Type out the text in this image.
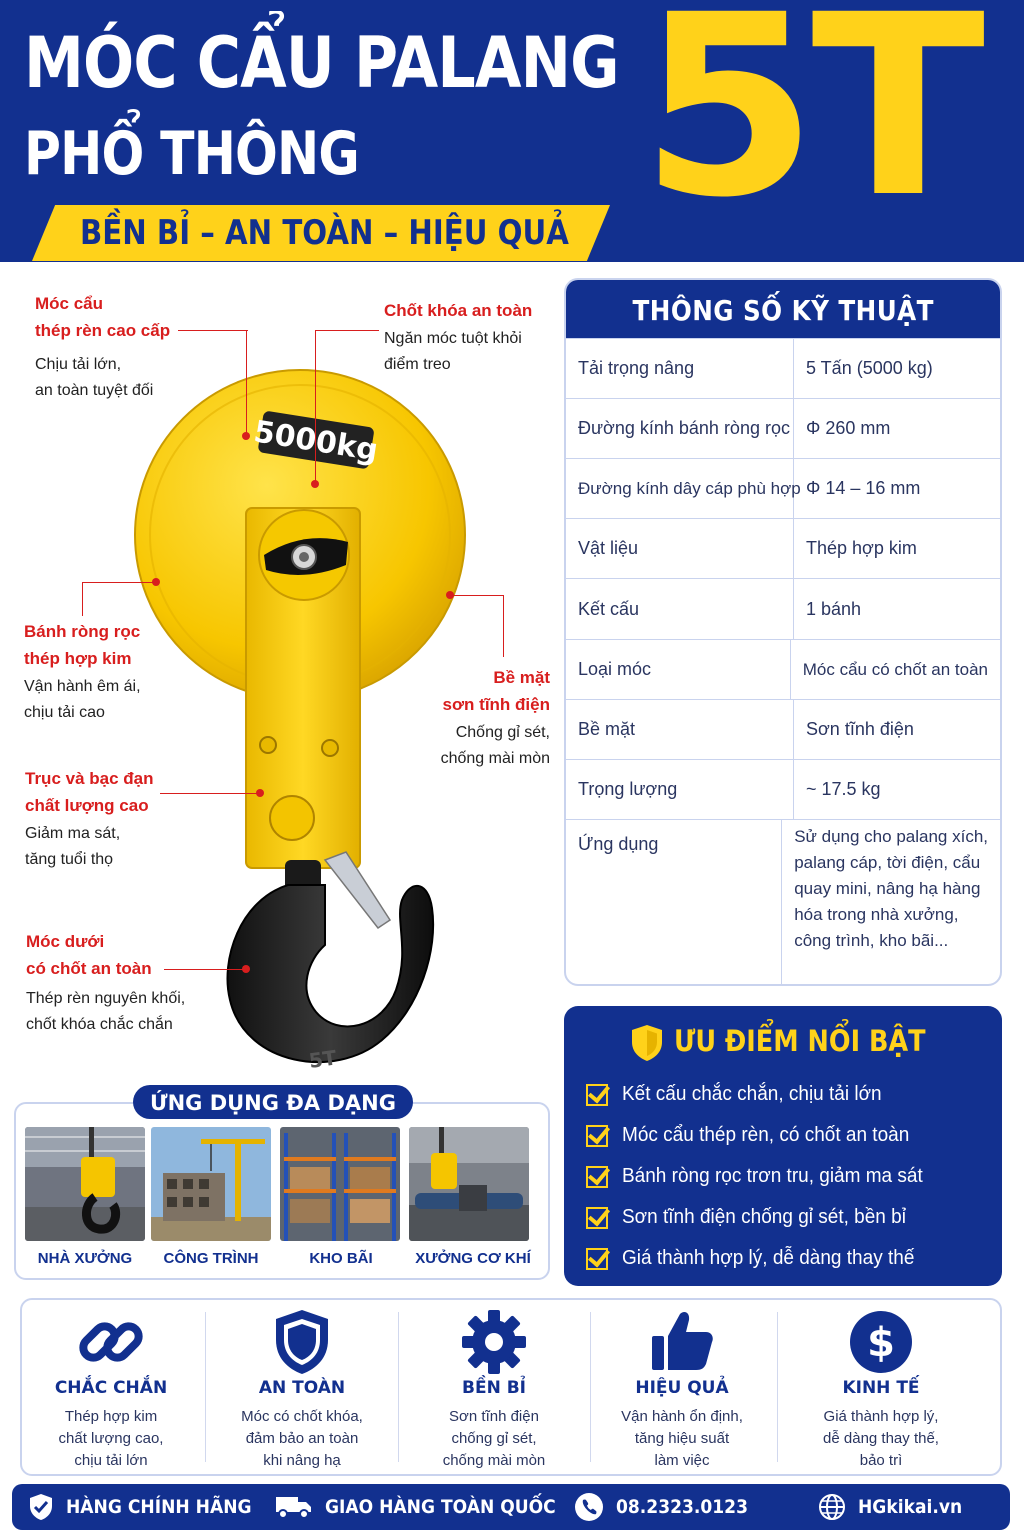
MÓC CẨU PALANG
PHỔ THÔNG 5T
BỀN BỈ – AN TOÀN – HIỆU QUẢ
5000kg
5T
Móc cẩu
thép rèn cao cấp
Chịu tải lớn,
an toàn tuyệt đối
Chốt khóa an toàn
Ngăn móc tuột khỏi
điểm treo
Bánh ròng rọc
thép hợp kim
Vận hành êm ái,
chịu tải cao
Bề mặt
sơn tĩnh điện
Chống gỉ sét,
chống mài mòn
Trục và bạc đạn
chất lượng cao
Giảm ma sát,
tăng tuổi thọ
Móc dưới
có chốt an toàn
Thép rèn nguyên khối,
chốt khóa chắc chắn
THÔNG SỐ KỸ THUẬT
Tải trọng nâng	5 Tấn (5000 kg)
Đường kính bánh ròng rọc Φ 260 mm
Đường kính dây cáp phù hợp Φ 14 – 16 mm
Vật liệu	Thép hợp kim
Kết cấu	1 bánh
Loại móc	Móc cẩu có chốt an toàn
Bề mặt	Sơn tĩnh điện
Trọng lượng	~ 17.5 kg
Ứng dụng	Sử dụng cho palang xích,
palang cáp, tời điện, cẩu
quay mini, nâng hạ hàng
hóa trong nhà xưởng,
công trình, kho bãi...
ƯU ĐIỂM NỔI BẬT
Kết cấu chắc chắn, chịu tải lớn
Móc cẩu thép rèn, có chốt an toàn
Bánh ròng rọc trơn tru, giảm ma sát
Sơn tĩnh điện chống gỉ sét, bền bỉ
Giá thành hợp lý, dễ dàng thay thế
ỨNG DỤNG ĐA DẠNG
NHÀ XƯỞNG	CÔNG TRÌNH	KHO BÃI	XƯỞNG CƠ KHÍ
CHẮC CHẮN
Thép hợp kim
chất lượng cao,
chịu tải lớn
AN TOÀN
Móc có chốt khóa,
đảm bảo an toàn
khi nâng hạ
BỀN BỈ
Sơn tĩnh điện
chống gỉ sét,
chống mài mòn
HIỆU QUẢ
Vận hành ổn định,
tăng hiệu suất
làm việc
$
KINH TẾ
Giá thành hợp lý,
dễ dàng thay thế,
bảo trì
HÀNG CHÍNH HÃNG	GIAO HÀNG TOÀN QUỐC	08.2323.0123	HGkikai.vn
